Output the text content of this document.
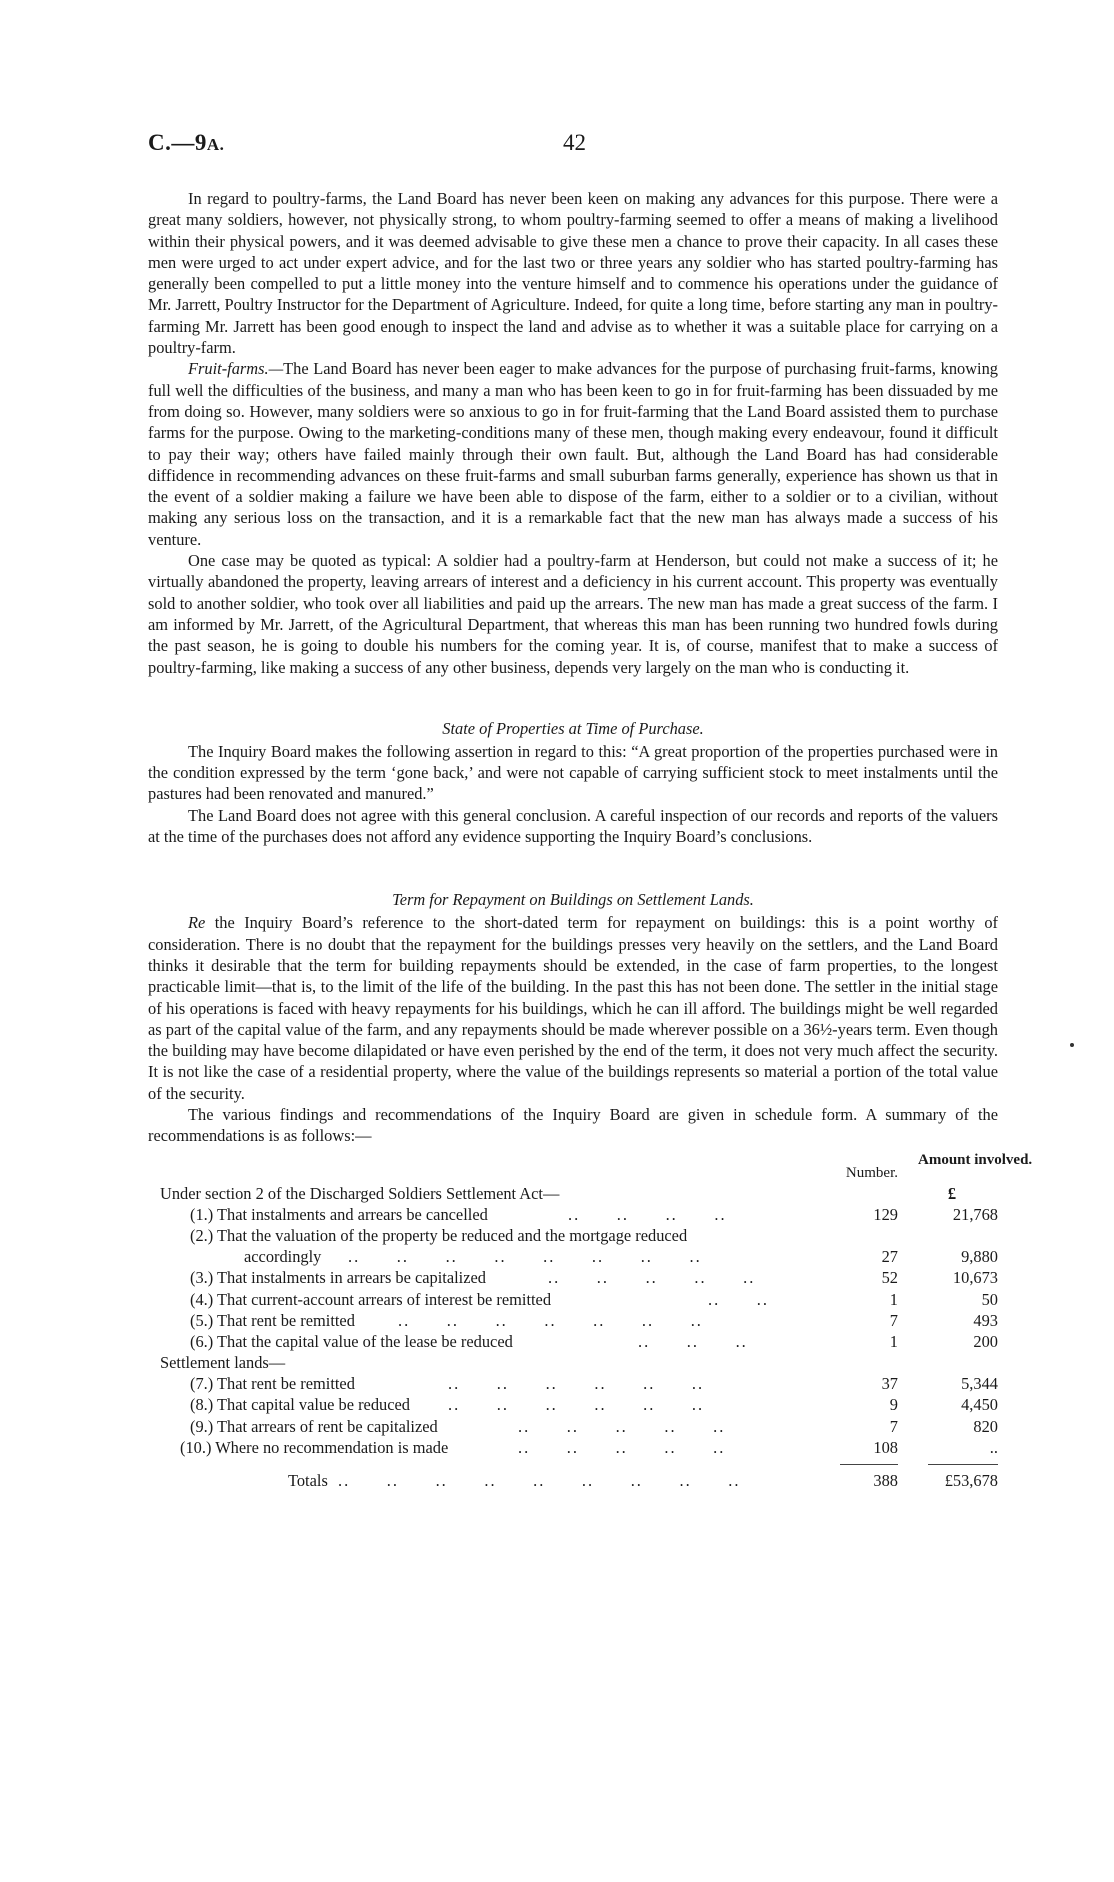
C.—9A.	42

In regard to poultry-farms, the Land Board has never been keen on making any advances for this purpose. There were a great many soldiers, however, not physically strong, to whom poultry-farming seemed to offer a means of making a livelihood within their physical powers, and it was deemed advisable to give these men a chance to prove their capacity. In all cases these men were urged to act under expert advice, and for the last two or three years any soldier who has started poultry-farming has generally been compelled to put a little money into the venture himself and to commence his operations under the guidance of Mr. Jarrett, Poultry Instructor for the Department of Agriculture. Indeed, for quite a long time, before starting any man in poultry-farming Mr. Jarrett has been good enough to inspect the land and advise as to whether it was a suitable place for carrying on a poultry-farm.

Fruit-farms.—The Land Board has never been eager to make advances for the purpose of purchasing fruit-farms, knowing full well the difficulties of the business, and many a man who has been keen to go in for fruit-farming has been dissuaded by me from doing so. However, many soldiers were so anxious to go in for fruit-farming that the Land Board assisted them to purchase farms for the purpose. Owing to the marketing-conditions many of these men, though making every endeavour, found it difficult to pay their way; others have failed mainly through their own fault. But, although the Land Board has had considerable diffidence in recommending advances on these fruit-farms and small suburban farms generally, experience has shown us that in the event of a soldier making a failure we have been able to dispose of the farm, either to a soldier or to a civilian, without making any serious loss on the transaction, and it is a remarkable fact that the new man has always made a success of his venture.

One case may be quoted as typical: A soldier had a poultry-farm at Henderson, but could not make a success of it; he virtually abandoned the property, leaving arrears of interest and a deficiency in his current account. This property was eventually sold to another soldier, who took over all liabilities and paid up the arrears. The new man has made a great success of the farm. I am informed by Mr. Jarrett, of the Agricultural Department, that whereas this man has been running two hundred fowls during the past season, he is going to double his numbers for the coming year. It is, of course, manifest that to make a success of poultry-farming, like making a success of any other business, depends very largely on the man who is conducting it.

State of Properties at Time of Purchase.

The Inquiry Board makes the following assertion in regard to this: “A great proportion of the properties purchased were in the condition expressed by the term ‘gone back,’ and were not capable of carrying sufficient stock to meet instalments until the pastures had been renovated and manured.”

The Land Board does not agree with this general conclusion. A careful inspection of our records and reports of the valuers at the time of the purchases does not afford any evidence supporting the Inquiry Board’s conclusions.

Term for Repayment on Buildings on Settlement Lands.

Re the Inquiry Board’s reference to the short-dated term for repayment on buildings: this is a point worthy of consideration. There is no doubt that the repayment for the buildings presses very heavily on the settlers, and the Land Board thinks it desirable that the term for building repayments should be extended, in the case of farm properties, to the longest practicable limit—that is, to the limit of the life of the building. In the past this has not been done. The settler in the initial stage of his operations is faced with heavy repayments for his buildings, which he can ill afford. The buildings might be well regarded as part of the capital value of the farm, and any repayments should be made wherever possible on a 36½-years term. Even though the building may have become dilapidated or have even perished by the end of the term, it does not very much affect the security. It is not like the case of a residential property, where the value of the buildings represents so material a portion of the total value of the security.

The various findings and recommendations of the Inquiry Board are given in schedule form. A summary of the recommendations is as follows:—

Number.
Amount involved.
Under section 2 of the Discharged Soldiers Settlement Act—	£
(1.) That instalments and arrears be cancelled	..      ..      ..      ..	129	21,768
(2.) That the valuation of the property be reduced and the mortgage reduced
accordingly ..      ..      ..      ..      ..      ..      ..      ..	27	9,880
(3.) That instalments in arrears be capitalized	..      ..      ..      ..      ..	52	10,673
(4.) That current-account arrears of interest be remitted	..      ..	1	50
(5.) That rent be remitted	..      ..      ..      ..      ..      ..      ..	7	493
(6.) That the capital value of the lease be reduced	..      ..      ..	1	200
Settlement lands—
(7.) That rent be remitted	..      ..      ..      ..      ..      ..	37	5,344
(8.) That capital value be reduced ..      ..      ..      ..      ..      ..	9	4,450
(9.) That arrears of rent be capitalized	..      ..      ..      ..      ..	7	820
(10.) Where no recommendation is made	..      ..      ..      ..      ..	108	..
Totals ..      ..      ..      ..      ..      ..      ..      ..      ..	388	£53,678
